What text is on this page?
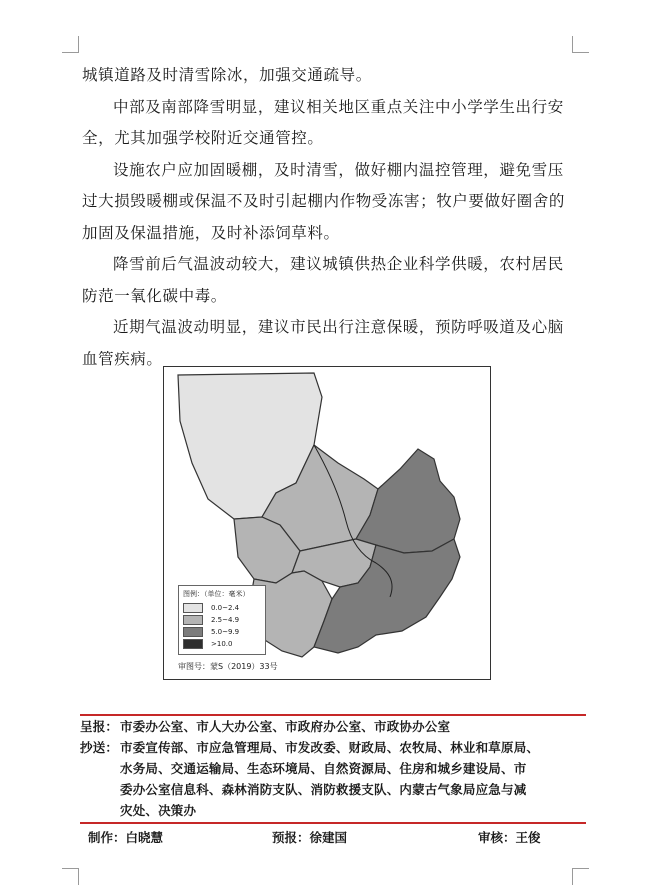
城镇道路及时清雪除冰，加强交通疏导。

中部及南部降雪明显，建议相关地区重点关注中小学学生出行安全，尤其加强学校附近交通管控。

设施农户应加固暖棚，及时清雪，做好棚内温控管理，避免雪压过大损毁暖棚或保温不及时引起棚内作物受冻害；牧户要做好圈舍的加固及保温措施，及时补添饲草料。

降雪前后气温波动较大，建议城镇供热企业科学供暖，农村居民防范一氧化碳中毒。

近期气温波动明显，建议市民出行注意保暖，预防呼吸道及心脑血管疾病。

图例：（单位：毫米）
0.0~2.4
2.5~4.9
5.0~9.9
>10.0
审图号：蒙S（2019）33号
呈报： 市委办公室、市人大办公室、市政府办公室、市政协办公室
抄送： 市委宣传部、市应急管理局、市发改委、财政局、农牧局、林业和草原局、
水务局、交通运输局、生态环境局、自然资源局、住房和城乡建设局、市
委办公室信息科、森林消防支队、消防救援支队、内蒙古气象局应急与减
灾处、决策办
制作：白晓慧	预报：徐建国	审核：王俊
